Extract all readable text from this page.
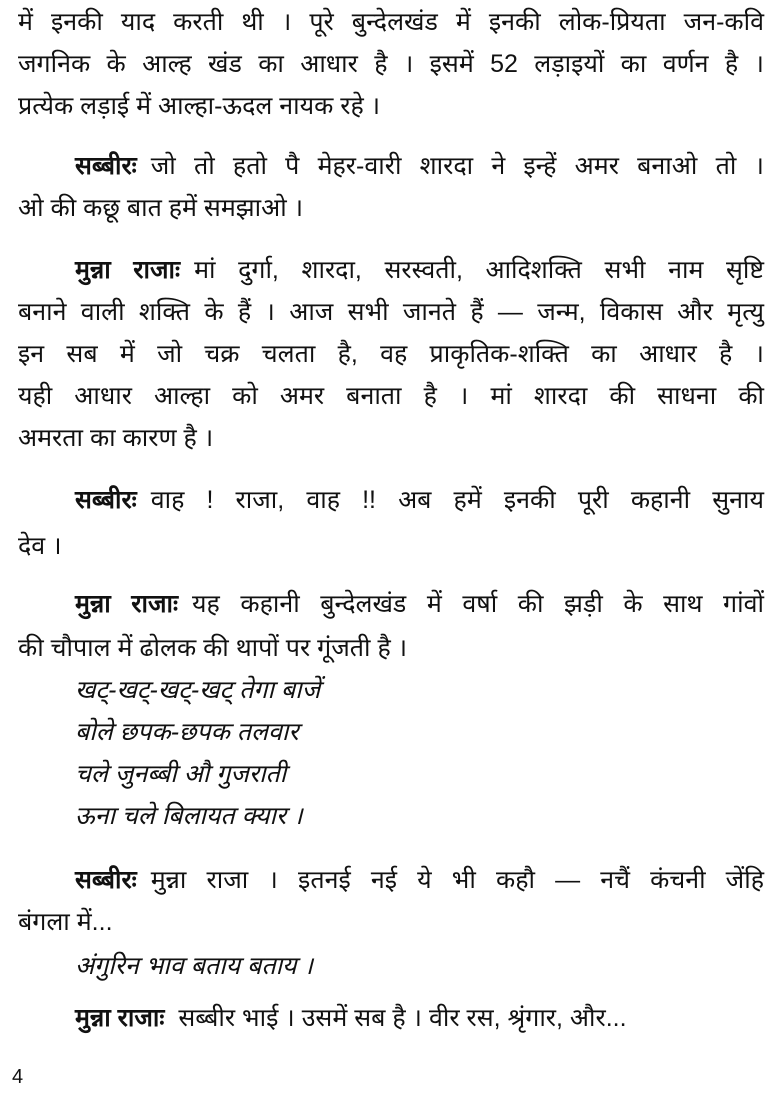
में इनकी याद करती थी । पूरे बुन्देलखंड में इनकी लोक-प्रियता जन-कवि
जगनिक के आल्ह खंड का आधार है । इसमें 52 लड़ाइयों का वर्णन है ।
प्रत्येक लड़ाई में आल्हा-ऊदल नायक रहे ।
सब्बीरः जो तो हतो पै मेहर-वारी शारदा ने इन्हें अमर बनाओ तो ।
ओ की कछू बात हमें समझाओ ।
मुन्ना राजाः मां दुर्गा, शारदा, सरस्वती, आदिशक्ति सभी नाम सृष्टि
बनाने वाली शक्ति के हैं । आज सभी जानते हैं — जन्म, विकास और मृत्यु
इन सब में जो चक्र चलता है, वह प्राकृतिक-शक्ति का आधार है ।
यही आधार आल्हा को अमर बनाता है । मां शारदा की साधना की
अमरता का कारण है ।
सब्बीरः वाह ! राजा, वाह !! अब हमें इनकी पूरी कहानी सुनाय
देव ।
मुन्ना राजाः यह कहानी बुन्देलखंड में वर्षा की झड़ी के साथ गांवों
की चौपाल में ढोलक की थापों पर गूंजती है ।
खट्-खट्-खट्-खट् तेगा बाजें
बोले छपक-छपक तलवार
चले जुनब्बी औ गुजराती
ऊना चले बिलायत क्यार ।
सब्बीरः मुन्ना राजा । इतनई नई ये भी कहौ — नचैं कंचनी जेंहि
बंगला में...
अंगुरिन भाव बताय बताय ।
मुन्ना राजाः सब्बीर भाई । उसमें सब है । वीर रस, श्रृंगार, और...
4
